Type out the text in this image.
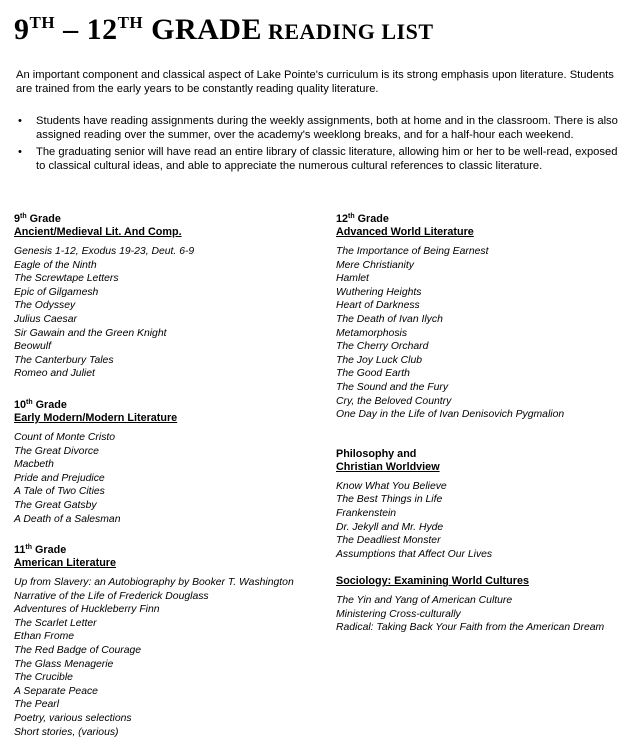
9TH – 12TH GRADE READING LIST

An important component and classical aspect of Lake Pointe's curriculum is its strong emphasis upon literature. Students are trained from the early years to be constantly reading quality literature.

• Students have reading assignments during the weekly assignments, both at home and in the classroom. There is also assigned reading over the summer, over the academy's weeklong breaks, and for a half-hour each weekend.
• The graduating senior will have read an entire library of classic literature, allowing him or her to be well-read, exposed to classical cultural ideas, and able to appreciate the numerous cultural references to classic literature.
9th Grade
Ancient/Medieval Lit. And Comp.
Genesis 1-12, Exodus 19-23, Deut. 6-9
Eagle of the Ninth
The Screwtape Letters
Epic of Gilgamesh
The Odyssey
Julius Caesar
Sir Gawain and the Green Knight
Beowulf
The Canterbury Tales
Romeo and Juliet
10th Grade
Early Modern/Modern Literature
Count of Monte Cristo
The Great Divorce
Macbeth
Pride and Prejudice
A Tale of Two Cities
The Great Gatsby
A Death of a Salesman
11th Grade
American Literature
Up from Slavery: an Autobiography by Booker T. Washington
Narrative of the Life of Frederick Douglass
Adventures of Huckleberry Finn
The Scarlet Letter
Ethan Frome
The Red Badge of Courage
The Glass Menagerie
The Crucible
A Separate Peace
The Pearl
Poetry, various selections
Short stories, (various)
12th Grade
Advanced World Literature
The Importance of Being Earnest
Mere Christianity
Hamlet
Wuthering Heights
Heart of Darkness
The Death of Ivan Ilych
Metamorphosis
The Cherry Orchard
The Joy Luck Club
The Good Earth
The Sound and the Fury
Cry, the Beloved Country
One Day in the Life of Ivan Denisovich Pygmalion
Philosophy and
Christian Worldview
Know What You Believe
The Best Things in Life
Frankenstein
Dr. Jekyll and Mr. Hyde
The Deadliest Monster
Assumptions that Affect Our Lives
Sociology: Examining World Cultures
The Yin and Yang of American Culture
Ministering Cross-culturally
Radical: Taking Back Your Faith from the American Dream
